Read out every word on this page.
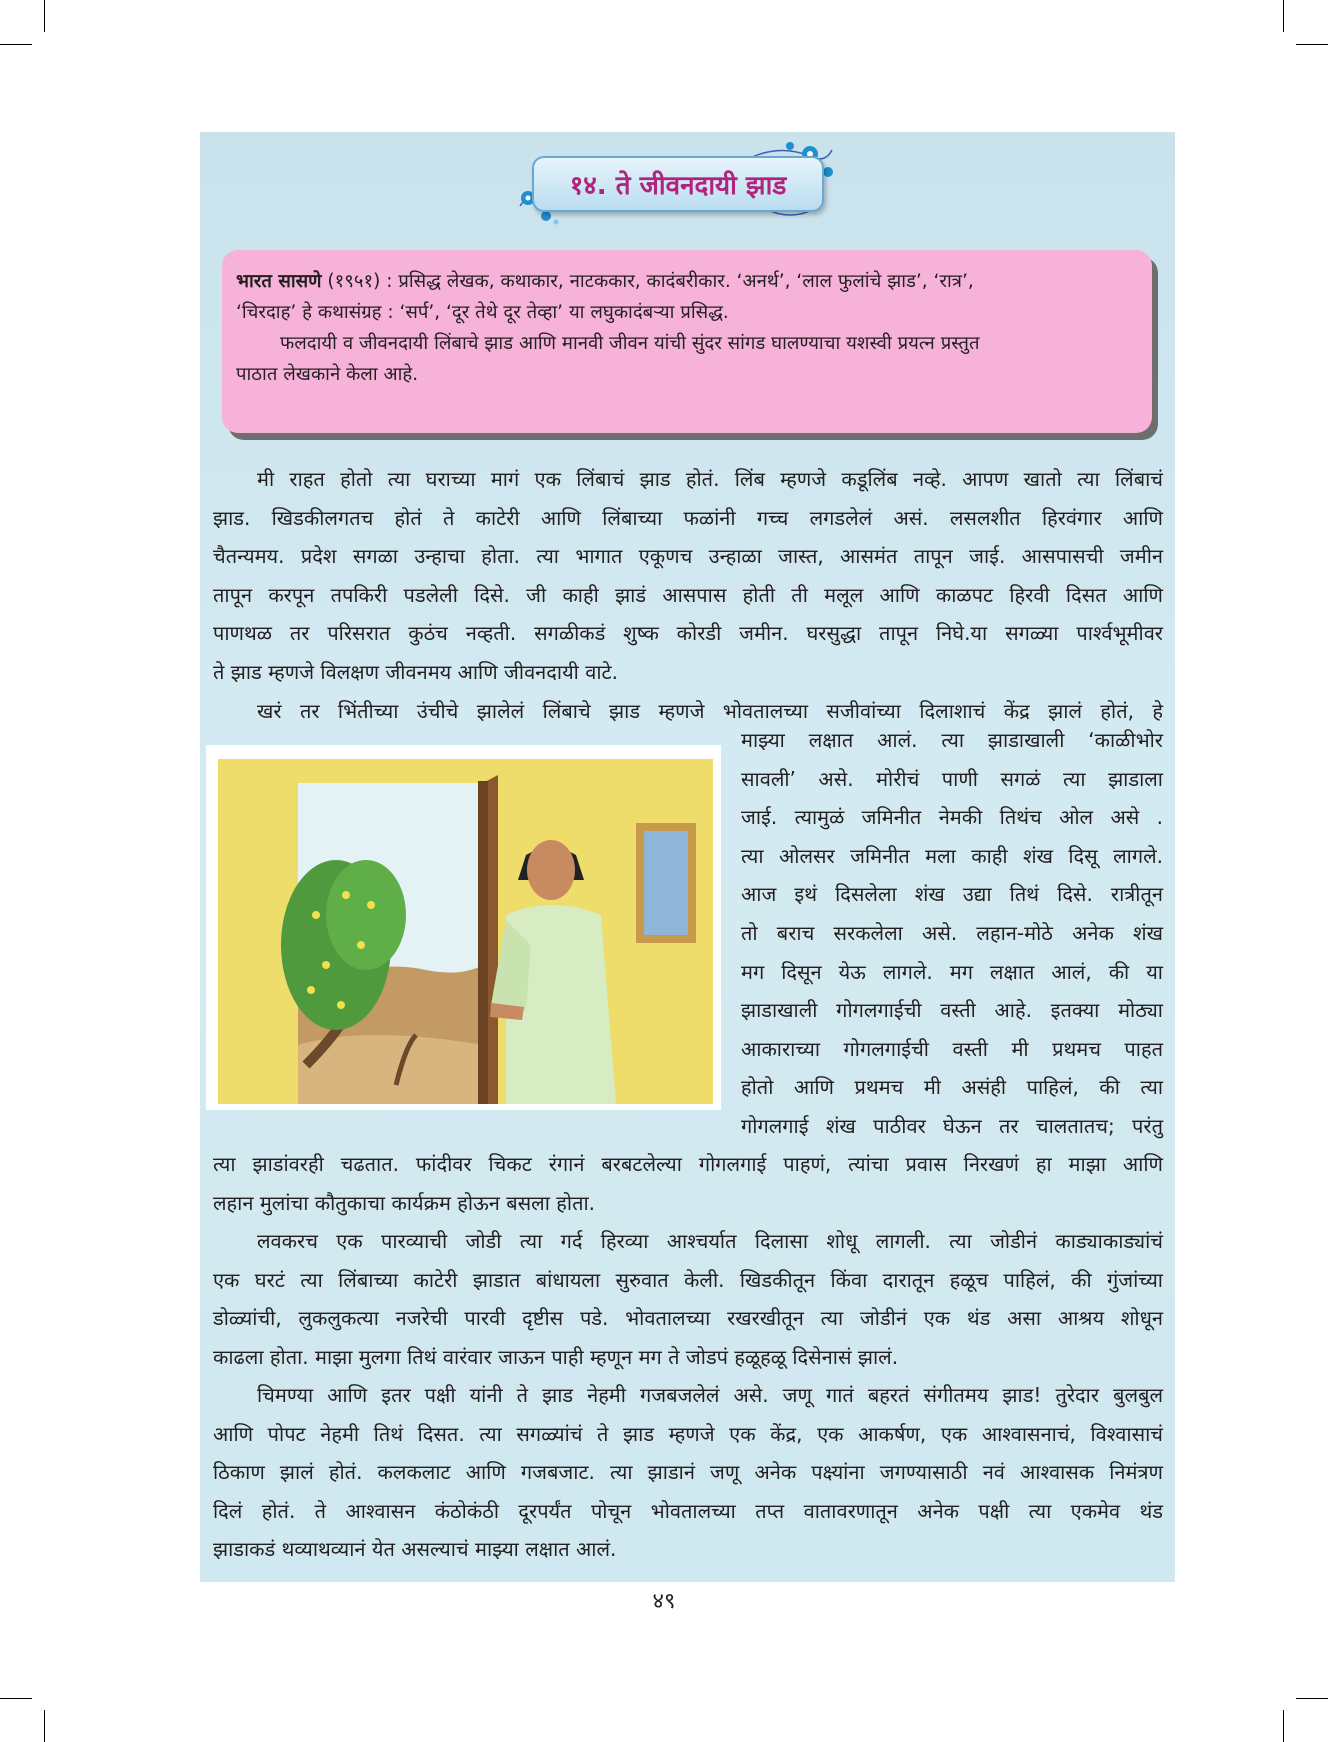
१४. ते जीवनदायी झाड
भारत सासणे (१९५१) : प्रसिद्ध लेखक, कथाकार, नाटककार, कादंबरीकार. ‘अनर्थ’, ‘लाल फुलांचे झाड’, ‘रात्र’,
‘चिरदाह’ हे कथासंग्रह : ‘सर्प’, ‘दूर तेथे दूर तेव्हा’ या लघुकादंबऱ्या प्रसिद्ध.
फलदायी व जीवनदायी लिंबाचे झाड आणि मानवी जीवन यांची सुंदर सांगड घालण्याचा यशस्वी प्रयत्न प्रस्तुत
पाठात लेखकाने केला आहे.
मी राहत होतो त्या घराच्या मागं एक लिंबाचं झाड होतं. लिंब म्हणजे कडूलिंब नव्हे. आपण खातो त्या लिंबाचं
झाड. खिडकीलगतच होतं ते काटेरी आणि लिंबाच्या फळांनी गच्च लगडलेलं असं. लसलशीत हिरवंगार आणि
चैतन्यमय. प्रदेश सगळा उन्हाचा होता. त्या भागात एकूणच उन्हाळा जास्त, आसमंत तापून जाई. आसपासची जमीन
तापून करपून तपकिरी पडलेली दिसे. जी काही झाडं आसपास होती ती मलूल आणि काळपट हिरवी दिसत आणि
पाणथळ तर परिसरात कुठंच नव्हती. सगळीकडं शुष्क कोरडी जमीन. घरसुद्धा तापून निघे.या सगळ्या पार्श्वभूमीवर
ते झाड म्हणजे विलक्षण जीवनमय आणि जीवनदायी वाटे.
खरं तर भिंतीच्या उंचीचे झालेलं लिंबाचे झाड म्हणजे भोवतालच्या सजीवांच्या दिलाशाचं केंद्र झालं होतं, हे
माझ्या लक्षात आलं. त्या झाडाखाली ‘काळीभोर
सावली’ असे. मोरीचं पाणी सगळं त्या झाडाला
जाई. त्यामुळं जमिनीत नेमकी तिथंच ओल असे .
त्या ओलसर जमिनीत मला काही शंख दिसू लागले.
आज इथं दिसलेला शंख उद्या तिथं दिसे. रात्रीतून
तो बराच सरकलेला असे. लहान-मोठे अनेक शंख
मग दिसून येऊ लागले. मग लक्षात आलं, की या
झाडाखाली गोगलगाईची वस्ती आहे. इतक्या मोठ्या
आकाराच्या गोगलगाईची वस्ती मी प्रथमच पाहत
होतो आणि प्रथमच मी असंही पाहिलं, की त्या
गोगलगाई शंख पाठीवर घेऊन तर चालतातच; परंतु
त्या झाडांवरही चढतात. फांदीवर चिकट रंगानं बरबटलेल्या गोगलगाई पाहणं, त्यांचा प्रवास निरखणं हा माझा आणि
लहान मुलांचा कौतुकाचा कार्यक्रम होऊन बसला होता.
लवकरच एक पारव्याची जोडी त्या गर्द हिरव्या आश्चर्यात दिलासा शोधू लागली. त्या जोडीनं काड्याकाड्यांचं
एक घरटं त्या लिंबाच्या काटेरी झाडात बांधायला सुरुवात केली. खिडकीतून किंवा दारातून हळूच पाहिलं, की गुंजांच्या
डोळ्यांची, लुकलुकत्या नजरेची पारवी दृष्टीस पडे. भोवतालच्या रखरखीतून त्या जोडीनं एक थंड असा आश्रय शोधून
काढला होता. माझा मुलगा तिथं वारंवार जाऊन पाही म्हणून मग ते जोडपं हळूहळू दिसेनासं झालं.
चिमण्या आणि इतर पक्षी यांनी ते झाड नेहमी गजबजलेलं असे. जणू गातं बहरतं संगीतमय झाड! तुरेदार बुलबुल
आणि पोपट नेहमी तिथं दिसत. त्या सगळ्यांचं ते झाड म्हणजे एक केंद्र, एक आकर्षण, एक आश्वासनाचं, विश्वासाचं
ठिकाण झालं होतं. कलकलाट आणि गजबजाट. त्या झाडानं जणू अनेक पक्ष्यांना जगण्यासाठी नवं आश्वासक निमंत्रण
दिलं होतं. ते आश्वासन कंठोकंठी दूरपर्यंत पोचून भोवतालच्या तप्त वातावरणातून अनेक पक्षी त्या एकमेव थंड
झाडाकडं थव्याथव्यानं येत असल्याचं माझ्या लक्षात आलं.
४९
